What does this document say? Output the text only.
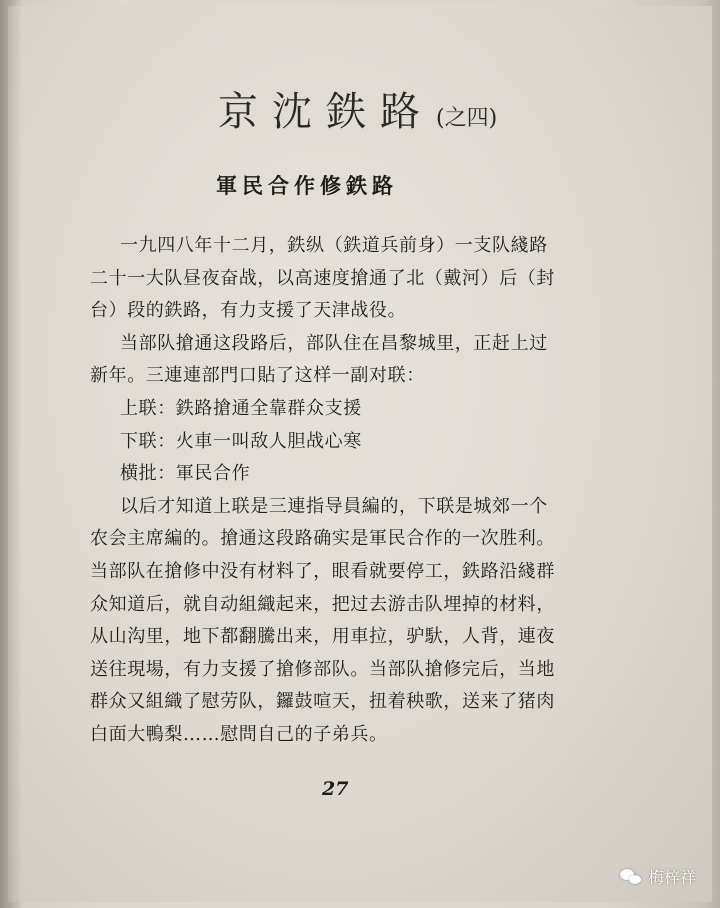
京沈鉄路 (之四)
軍民合作修鉄路
一九四八年十二月，鉄纵（鉄道兵前身）一支队綫路
二十一大队昼夜奋战，以高速度搶通了北（戴河）后（封
台）段的鉄路，有力支援了天津战役。
当部队搶通这段路后，部队住在昌黎城里，正赶上过
新年。三連連部門口貼了这样一副对联：
上联：鉄路搶通全靠群众支援
下联：火車一叫敌人胆战心寒
横批：軍民合作
以后才知道上联是三連指导員編的，下联是城郊一个
农会主席編的。搶通这段路确实是軍民合作的一次胜利。
当部队在搶修中没有材料了，眼看就要停工，鉄路沿綫群
众知道后，就自动組織起来，把过去游击队埋掉的材料，
从山沟里，地下都翻騰出来，用車拉，驴馱，人背，連夜
送往現場，有力支援了搶修部队。当部队搶修完后，当地
群众又組織了慰劳队，鑼鼓喧天，扭着秧歌，送来了猪肉
白面大鴨梨……慰問自己的子弟兵。
27
梅梓祥
